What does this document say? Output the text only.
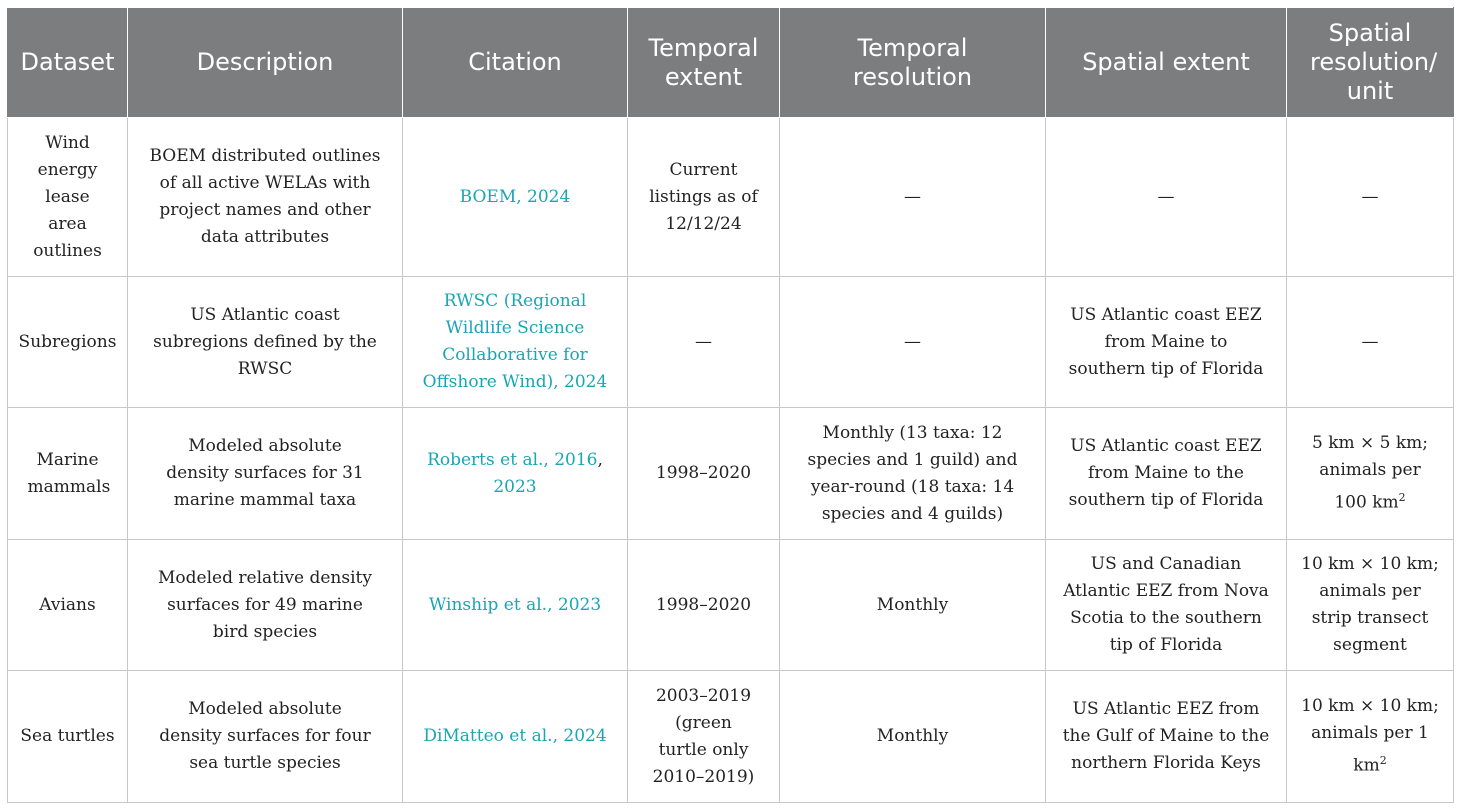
Dataset	Description	Citation	Temporal extent	Temporal resolution	Spatial extent	Spatial resolution/ unit

Wind energy lease area outlines	BOEM distributed outlines of all active WELAs with project names and other data attributes	BOEM, 2024	Current listings as of 12/12/24	—	—	—
Subregions	US Atlantic coast subregions defined by the RWSC	RWSC (Regional Wildlife Science Collaborative for Offshore Wind), 2024	—	—	US Atlantic coast EEZ from Maine to southern tip of Florida	—

Marine mammals	Modeled absolute density surfaces for 31 marine mammal taxa	Roberts et al., 2016, 2023	1998–2020	Monthly (13 taxa: 12 species and 1 guild) and year-round (18 taxa: 14 species and 4 guilds)	US Atlantic coast EEZ from Maine to the southern tip of Florida	5 km × 5 km; animals per 100 $km^2$

Avians	Modeled relative density surfaces for 49 marine bird species	Winship et al., 2023	1998–2020	Monthly	US and Canadian Atlantic EEZ from Nova Scotia to the southern tip of Florida	10 km × 10 km; animals per strip transect segment
Sea turtles	Modeled absolute density surfaces for four sea turtle species	DiMatteo et al., 2024	2003–2019 (green turtle only 2010–2019)	Monthly	US Atlantic EEZ from the Gulf of Maine to the northern Florida Keys	10 km × 10 km; animals per 1 $km^2$
